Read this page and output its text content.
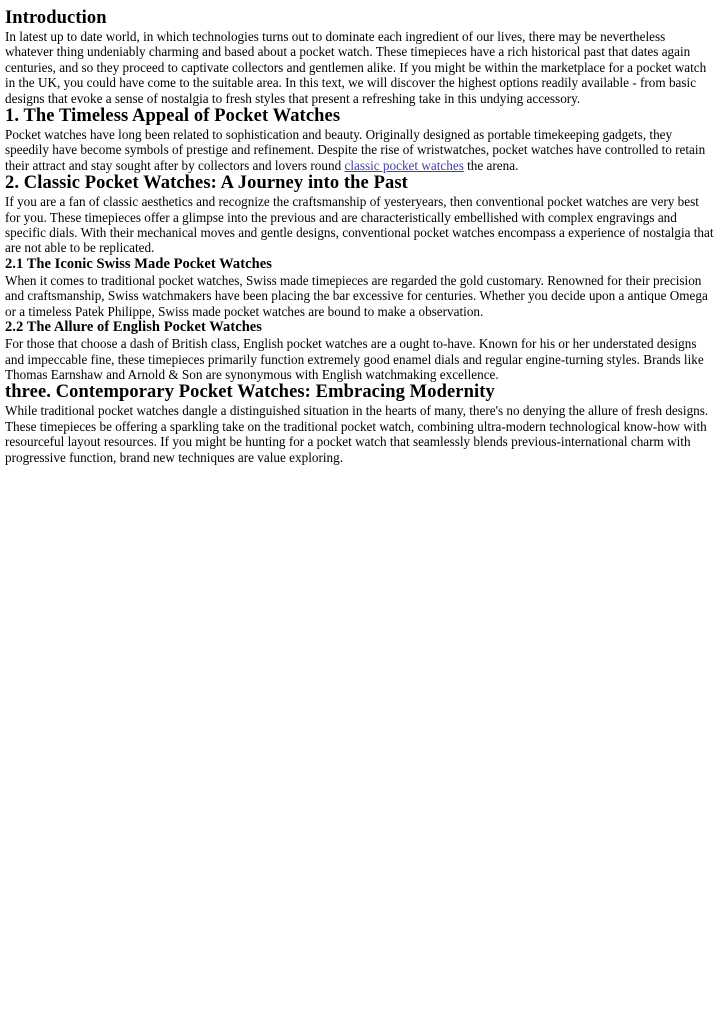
Introduction

In latest up to date world, in which technologies turns out to dominate each ingredient of our lives, there may be nevertheless whatever thing undeniably charming and based about a pocket watch. These timepieces have a rich historical past that dates again centuries, and so they proceed to captivate collectors and gentlemen alike. If you might be within the marketplace for a pocket watch in the UK, you could have come to the suitable area. In this text, we will discover the highest options readily available - from basic designs that evoke a sense of nostalgia to fresh styles that present a refreshing take in this undying accessory.

1. The Timeless Appeal of Pocket Watches

Pocket watches have long been related to sophistication and beauty. Originally designed as portable timekeeping gadgets, they speedily have become symbols of prestige and refinement. Despite the rise of wristwatches, pocket watches have controlled to retain their attract and stay sought after by collectors and lovers round classic pocket watches the arena.

2. Classic Pocket Watches: A Journey into the Past

If you are a fan of classic aesthetics and recognize the craftsmanship of yesteryears, then conventional pocket watches are very best for you. These timepieces offer a glimpse into the previous and are characteristically embellished with complex engravings and specific dials. With their mechanical moves and gentle designs, conventional pocket watches encompass a experience of nostalgia that are not able to be replicated.

2.1 The Iconic Swiss Made Pocket Watches

When it comes to traditional pocket watches, Swiss made timepieces are regarded the gold customary. Renowned for their precision and craftsmanship, Swiss watchmakers have been placing the bar excessive for centuries. Whether you decide upon a antique Omega or a timeless Patek Philippe, Swiss made pocket watches are bound to make a observation.

2.2 The Allure of English Pocket Watches

For those that choose a dash of British class, English pocket watches are a ought to-have. Known for his or her understated designs and impeccable fine, these timepieces primarily function extremely good enamel dials and regular engine-turning styles. Brands like Thomas Earnshaw and Arnold & Son are synonymous with English watchmaking excellence.

three. Contemporary Pocket Watches: Embracing Modernity

While traditional pocket watches dangle a distinguished situation in the hearts of many, there's no denying the allure of fresh designs. These timepieces be offering a sparkling take on the traditional pocket watch, combining ultra-modern technological know-how with resourceful layout resources. If you might be hunting for a pocket watch that seamlessly blends previous-international charm with progressive function, brand new techniques are value exploring.
